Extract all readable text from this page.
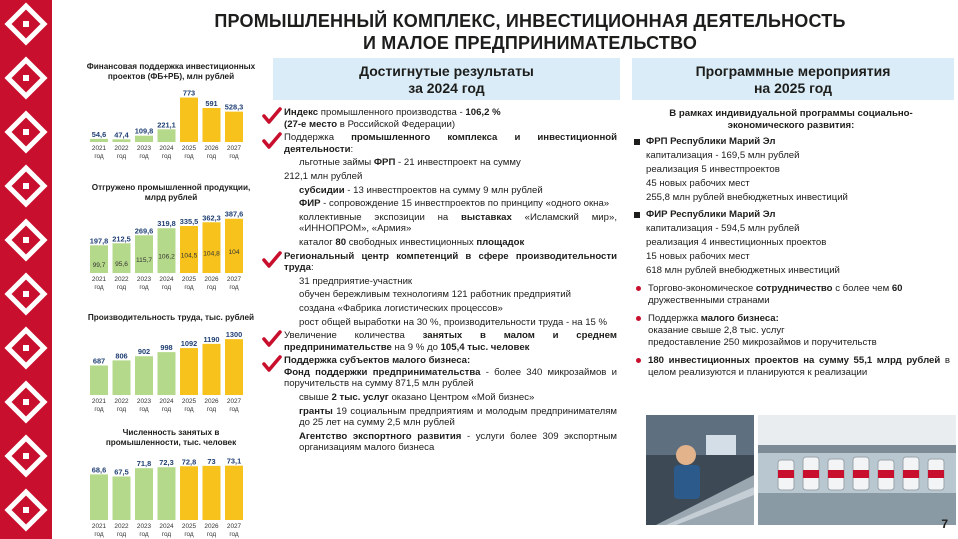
ПРОМЫШЛЕННЫЙ КОМПЛЕКС, ИНВЕСТИЦИОННАЯ ДЕЯТЕЛЬНОСТЬ
И МАЛОЕ ПРЕДПРИНИМАТЕЛЬСТВО
Финансовая поддержка инвестиционных проектов (ФБ+РБ), млн рублей
54,6
2021
год
47,4
2022
год
109,8
2023
год
221,1
2024
год
773
2025
год
591
2026
год
528,3
2027
год
Отгружено промышленной продукции, млрд рублей
197,8
99,7
2021
год
212,5
95,6
2022
год
269,6
115,7
2023
год
319,8
106,2
2024
год
335,5
104,5
2025
год
362,3
104,8
2026
год
387,6
104
2027
год
Производительность труда, тыс. рублей
687
2021
год
806
2022
год
902
2023
год
998
2024
год
1092
2025
год
1190
2026
год
1300
2027
год
Численность занятых в промышленности, тыс. человек
68,6
2021
год
67,5
2022
год
71,8
2023
год
72,3
2024
год
72,8
2025
год
73
2026
год
73,1
2027
год
Достигнутые результаты
за 2024 год
Программные мероприятия
на 2025 год
Индекс промышленного производства - 106,2 %
(27-е место в Российской Федерации)
Поддержка промышленного комплекса и инвестиционной деятельности:
льготные займы ФРП - 21 инвестпроект на сумму
212,1 млн рублей
субсидии - 13 инвестпроектов на сумму 9 млн рублей
ФИР - сопровождение 15 инвестпроектов по принципу «одного окна»
коллективные экспозиции на выставках «Исламский мир», «ИННОПРОМ», «Армия»
каталог 80 свободных инвестиционных площадок
Региональный центр компетенций в сфере производительности труда:
31 предприятие-участник
обучен бережливым технологиям 121 работник предприятий
создана «Фабрика логистических процессов»
рост общей выработки на 30 %, производительности труда - на 15 %
Увеличение количества занятых в малом и среднем предпринимательстве на 9 % до 105,4 тыс. человек
Поддержка субъектов малого бизнеса:
Фонд поддержки предпринимательства - более 340 микрозаймов и поручительств на сумму 871,5 млн рублей
свыше 2 тыс. услуг оказано Центром «Мой бизнес»
гранты 19 социальным предприятиям и молодым предпринимателям до 25 лет на сумму 2,5 млн рублей
Агентство экспортного развития - услуги более 309 экспортным организациям малого бизнеса
В рамках индивидуальной программы социально-экономического развития:
ФРП Республики Марий Эл
капитализация - 169,5 млн рублей
реализация 5 инвестпроектов
45 новых рабочих мест
255,8 млн рублей внебюджетных инвестиций
ФИР Республики Марий Эл
капитализация - 594,5 млн рублей
реализация 4 инвестиционных проектов
15 новых рабочих мест
618 млн рублей внебюджетных инвестиций
Торгово-экономическое сотрудничество с более чем 60 дружественными странами
Поддержка малого бизнеса:
оказание свыше 2,8 тыс. услуг
предоставление 250 микрозаймов и поручительств
180 инвестиционных проектов на сумму 55,1 млрд рублей в целом реализуются и планируются к реализации
7
